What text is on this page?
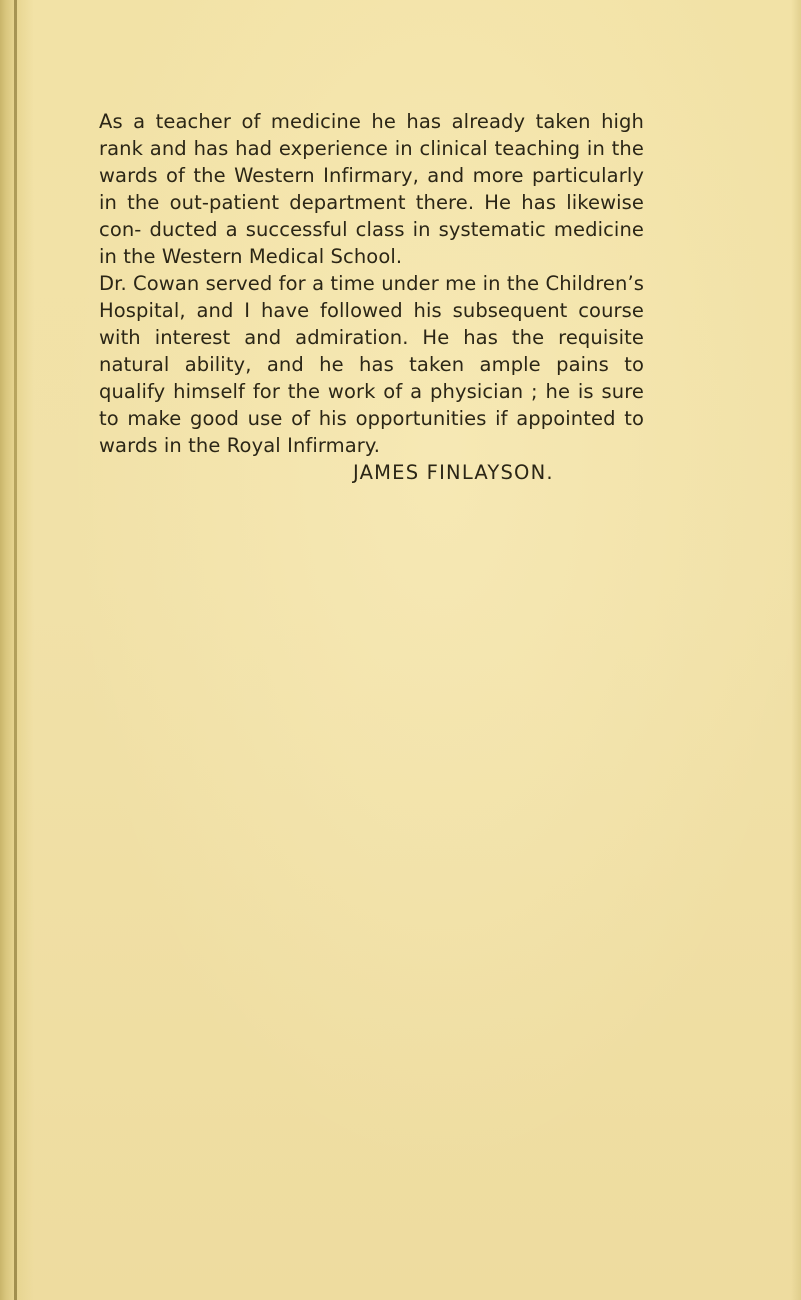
As a teacher of medicine he has already taken high rank and has had experience in clinical teaching in the wards of the Western Infirmary, and more particularly in the out-patient department there. He has likewise con- ducted a successful class in systematic medicine in the Western Medical School.

Dr. Cowan served for a time under me in the Children’s Hospital, and I have followed his subsequent course with interest and admiration. He has the requisite natural ability, and he has taken ample pains to qualify himself for the work of a physician ; he is sure to make good use of his opportunities if appointed to wards in the Royal Infirmary.

JAMES FINLAYSON.
